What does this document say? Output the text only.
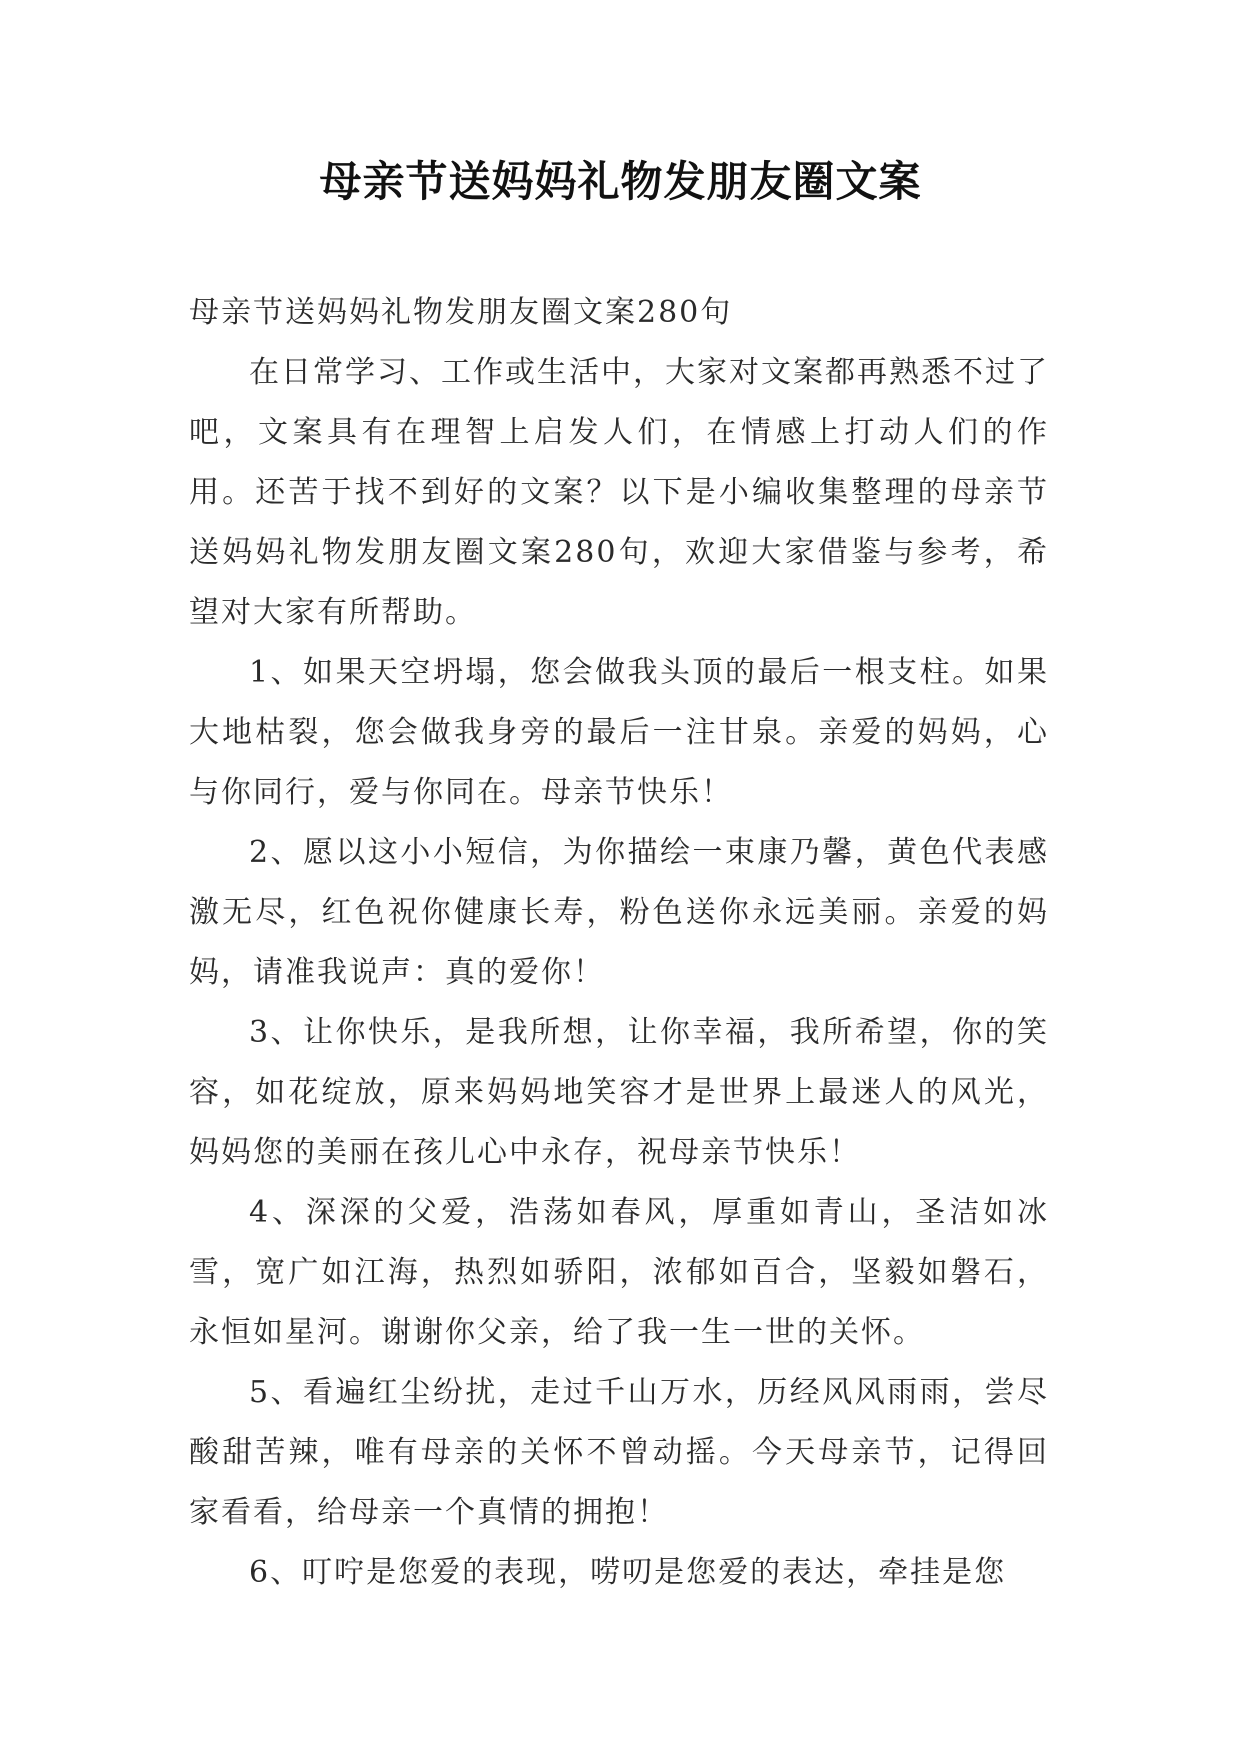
母亲节送妈妈礼物发朋友圈文案

母亲节送妈妈礼物发朋友圈文案280句

在日常学习、工作或生活中，大家对文案都再熟悉不过了吧，文案具有在理智上启发人们，在情感上打动人们的作用。还苦于找不到好的文案？以下是小编收集整理的母亲节送妈妈礼物发朋友圈文案280句，欢迎大家借鉴与参考，希望对大家有所帮助。

1、如果天空坍塌，您会做我头顶的最后一根支柱。如果大地枯裂，您会做我身旁的最后一注甘泉。亲爱的妈妈，心与你同行，爱与你同在。母亲节快乐！

2、愿以这小小短信，为你描绘一束康乃馨，黄色代表感激无尽，红色祝你健康长寿，粉色送你永远美丽。亲爱的妈妈，请准我说声：真的爱你！

3、让你快乐，是我所想，让你幸福，我所希望，你的笑容，如花绽放，原来妈妈地笑容才是世界上最迷人的风光，妈妈您的美丽在孩儿心中永存，祝母亲节快乐！

4、深深的父爱，浩荡如春风，厚重如青山，圣洁如冰雪，宽广如江海，热烈如骄阳，浓郁如百合，坚毅如磐石，永恒如星河。谢谢你父亲，给了我一生一世的关怀。

5、看遍红尘纷扰，走过千山万水，历经风风雨雨，尝尽酸甜苦辣，唯有母亲的关怀不曾动摇。今天母亲节，记得回家看看，给母亲一个真情的拥抱！

6、叮咛是您爱的表现，唠叨是您爱的表达，牵挂是您
